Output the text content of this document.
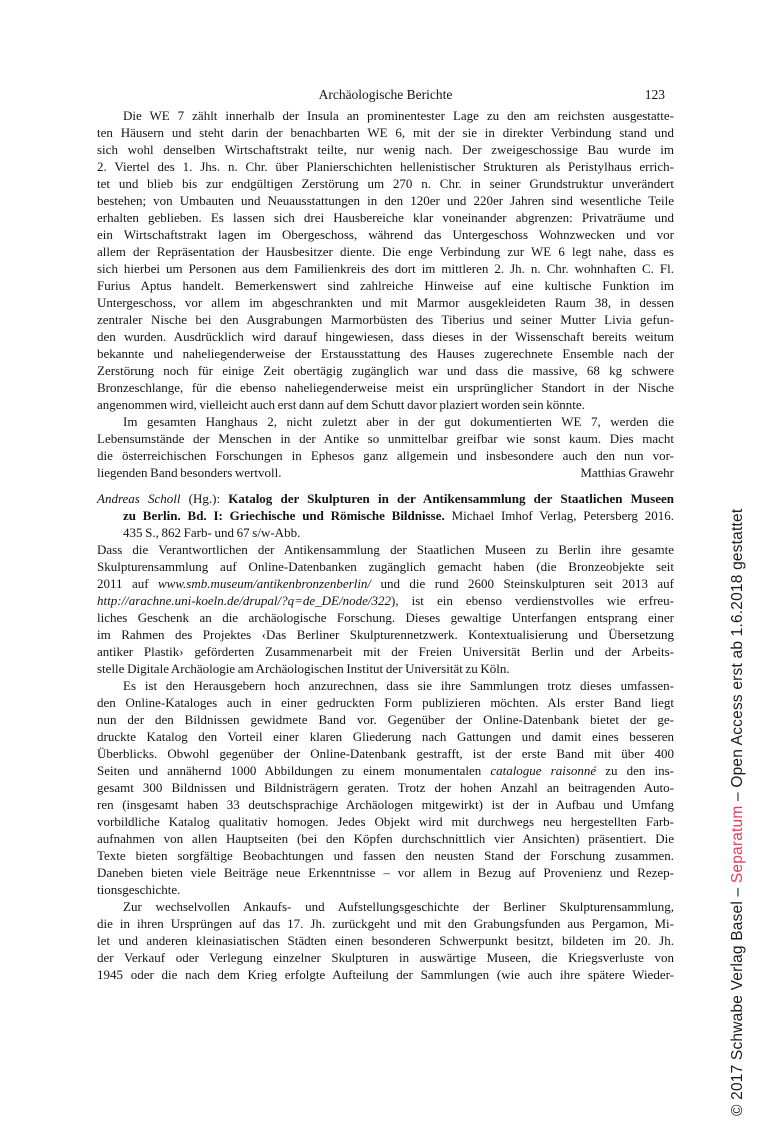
Archäologische Berichte	123
Die WE 7 zählt innerhalb der Insula an prominentester Lage zu den am reichsten ausgestatte-
ten Häusern und steht darin der benachbarten WE 6, mit der sie in direkter Verbindung stand und
sich wohl denselben Wirtschaftstrakt teilte, nur wenig nach. Der zweigeschossige Bau wurde im
2. Viertel des 1. Jhs. n. Chr. über Planierschichten hellenistischer Strukturen als Peristylhaus errich-
tet und blieb bis zur endgültigen Zerstörung um 270 n. Chr. in seiner Grundstruktur unverändert
bestehen; von Umbauten und Neuausstattungen in den 120er und 220er Jahren sind wesentliche Teile
erhalten geblieben. Es lassen sich drei Hausbereiche klar voneinander abgrenzen: Privaträume und
ein Wirtschaftstrakt lagen im Obergeschoss, während das Untergeschoss Wohnzwecken und vor
allem der Repräsentation der Hausbesitzer diente. Die enge Verbindung zur WE 6 legt nahe, dass es
sich hierbei um Personen aus dem Familienkreis des dort im mittleren 2. Jh. n. Chr. wohnhaften C. Fl.
Furius Aptus handelt. Bemerkenswert sind zahlreiche Hinweise auf eine kultische Funktion im
Untergeschoss, vor allem im abgeschrankten und mit Marmor ausgekleideten Raum 38, in dessen
zentraler Nische bei den Ausgrabungen Marmorbüsten des Tiberius und seiner Mutter Livia gefun-
den wurden. Ausdrücklich wird darauf hingewiesen, dass dieses in der Wissenschaft bereits weitum
bekannte und naheliegenderweise der Erstausstattung des Hauses zugerechnete Ensemble nach der
Zerstörung noch für einige Zeit obertägig zugänglich war und dass die massive, 68 kg schwere
Bronzeschlange, für die ebenso naheliegenderweise meist ein ursprünglicher Standort in der Nische
angenommen wird, vielleicht auch erst dann auf dem Schutt davor plaziert worden sein könnte.
Im gesamten Hanghaus 2, nicht zuletzt aber in der gut dokumentierten WE 7, werden die
Lebensumstände der Menschen in der Antike so unmittelbar greifbar wie sonst kaum. Dies macht
die österreichischen Forschungen in Ephesos ganz allgemein und insbesondere auch den nun vor-
liegenden Band besonders wertvoll.	Matthias Grawehr
Andreas Scholl (Hg.): Katalog der Skulpturen in der Antikensammlung der Staatlichen Museen
zu Berlin. Bd. I: Griechische und Römische Bildnisse. Michael Imhof Verlag, Petersberg 2016.
435 S., 862 Farb- und 67 s/w-Abb.
Dass die Verantwortlichen der Antikensammlung der Staatlichen Museen zu Berlin ihre gesamte
Skulpturensammlung auf Online-Datenbanken zugänglich gemacht haben (die Bronzeobjekte seit
2011 auf www.smb.museum/antikenbronzenberlin/ und die rund 2600 Steinskulpturen seit 2013 auf
http://arachne.uni-koeln.de/drupal/?q=de_DE/node/322), ist ein ebenso verdienstvolles wie erfreu-
liches Geschenk an die archäologische Forschung. Dieses gewaltige Unterfangen entsprang einer
im Rahmen des Projektes ‹Das Berliner Skulpturennetzwerk. Kontextualisierung und Übersetzung
antiker Plastik› geförderten Zusammenarbeit mit der Freien Universität Berlin und der Arbeits-
stelle Digitale Archäologie am Archäologischen Institut der Universität zu Köln.
Es ist den Herausgebern hoch anzurechnen, dass sie ihre Sammlungen trotz dieses umfassen-
den Online-Kataloges auch in einer gedruckten Form publizieren möchten. Als erster Band liegt
nun der den Bildnissen gewidmete Band vor. Gegenüber der Online-Datenbank bietet der ge-
druckte Katalog den Vorteil einer klaren Gliederung nach Gattungen und damit eines besseren
Überblicks. Obwohl gegenüber der Online-Datenbank gestrafft, ist der erste Band mit über 400
Seiten und annähernd 1000 Abbildungen zu einem monumentalen catalogue raisonné zu den ins-
gesamt 300 Bildnissen und Bildnisträgern geraten. Trotz der hohen Anzahl an beitragenden Auto-
ren (insgesamt haben 33 deutschsprachige Archäologen mitgewirkt) ist der in Aufbau und Umfang
vorbildliche Katalog qualitativ homogen. Jedes Objekt wird mit durchwegs neu hergestellten Farb-
aufnahmen von allen Hauptseiten (bei den Köpfen durchschnittlich vier Ansichten) präsentiert. Die
Texte bieten sorgfältige Beobachtungen und fassen den neusten Stand der Forschung zusammen.
Daneben bieten viele Beiträge neue Erkenntnisse – vor allem in Bezug auf Provenienz und Rezep-
tionsgeschichte.
Zur wechselvollen Ankaufs- und Aufstellungsgeschichte der Berliner Skulpturensammlung,
die in ihren Ursprüngen auf das 17. Jh. zurückgeht und mit den Grabungsfunden aus Pergamon, Mi-
let und anderen kleinasiatischen Städten einen besonderen Schwerpunkt besitzt, bildeten im 20. Jh.
der Verkauf oder Verlegung einzelner Skulpturen in auswärtige Museen, die Kriegsverluste von
1945 oder die nach dem Krieg erfolgte Aufteilung der Sammlungen (wie auch ihre spätere Wieder-	© 2017 Schwabe Verlag Basel – Separatum – Open Access erst ab 1.6.2018 gestattet
